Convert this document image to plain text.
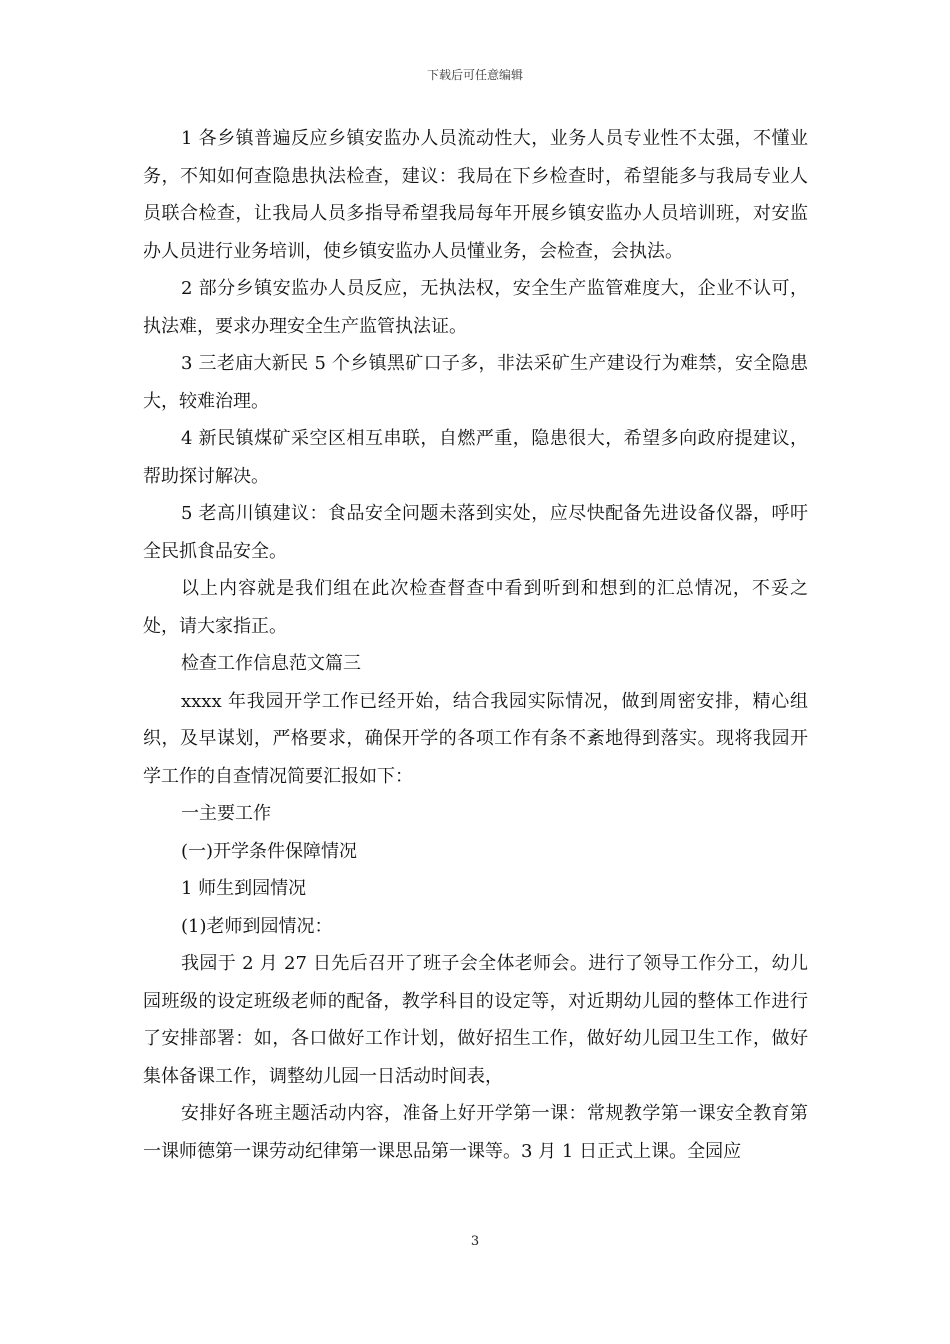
下载后可任意编辑

1 各乡镇普遍反应乡镇安监办人员流动性大，业务人员专业性不太强，不懂业务，不知如何查隐患执法检查，建议：我局在下乡检查时，希望能多与我局专业人员联合检查，让我局人员多指导希望我局每年开展乡镇安监办人员培训班，对安监办人员进行业务培训，使乡镇安监办人员懂业务，会检查，会执法。

2 部分乡镇安监办人员反应，无执法权，安全生产监管难度大，企业不认可，执法难，要求办理安全生产监管执法证。

3 三老庙大新民 5 个乡镇黑矿口子多，非法采矿生产建设行为难禁，安全隐患大，较难治理。

4 新民镇煤矿采空区相互串联，自燃严重，隐患很大，希望多向政府提建议，帮助探讨解决。

5 老高川镇建议：食品安全问题未落到实处，应尽快配备先进设备仪器，呼吁全民抓食品安全。

以上内容就是我们组在此次检查督查中看到听到和想到的汇总情况，不妥之处，请大家指正。

检查工作信息范文篇三

xxxx 年我园开学工作已经开始，结合我园实际情况，做到周密安排，精心组织，及早谋划，严格要求，确保开学的各项工作有条不紊地得到落实。现将我园开学工作的自查情况简要汇报如下：

一主要工作

(一)开学条件保障情况

1 师生到园情况

(1)老师到园情况：

我园于 2 月 27 日先后召开了班子会全体老师会。进行了领导工作分工，幼儿园班级的设定班级老师的配备，教学科目的设定等，对近期幼儿园的整体工作进行了安排部署：如，各口做好工作计划，做好招生工作，做好幼儿园卫生工作，做好集体备课工作，调整幼儿园一日活动时间表，

安排好各班主题活动内容，准备上好开学第一课：常规教学第一课安全教育第一课师德第一课劳动纪律第一课思品第一课等。3 月 1 日正式上课。全园应

3
